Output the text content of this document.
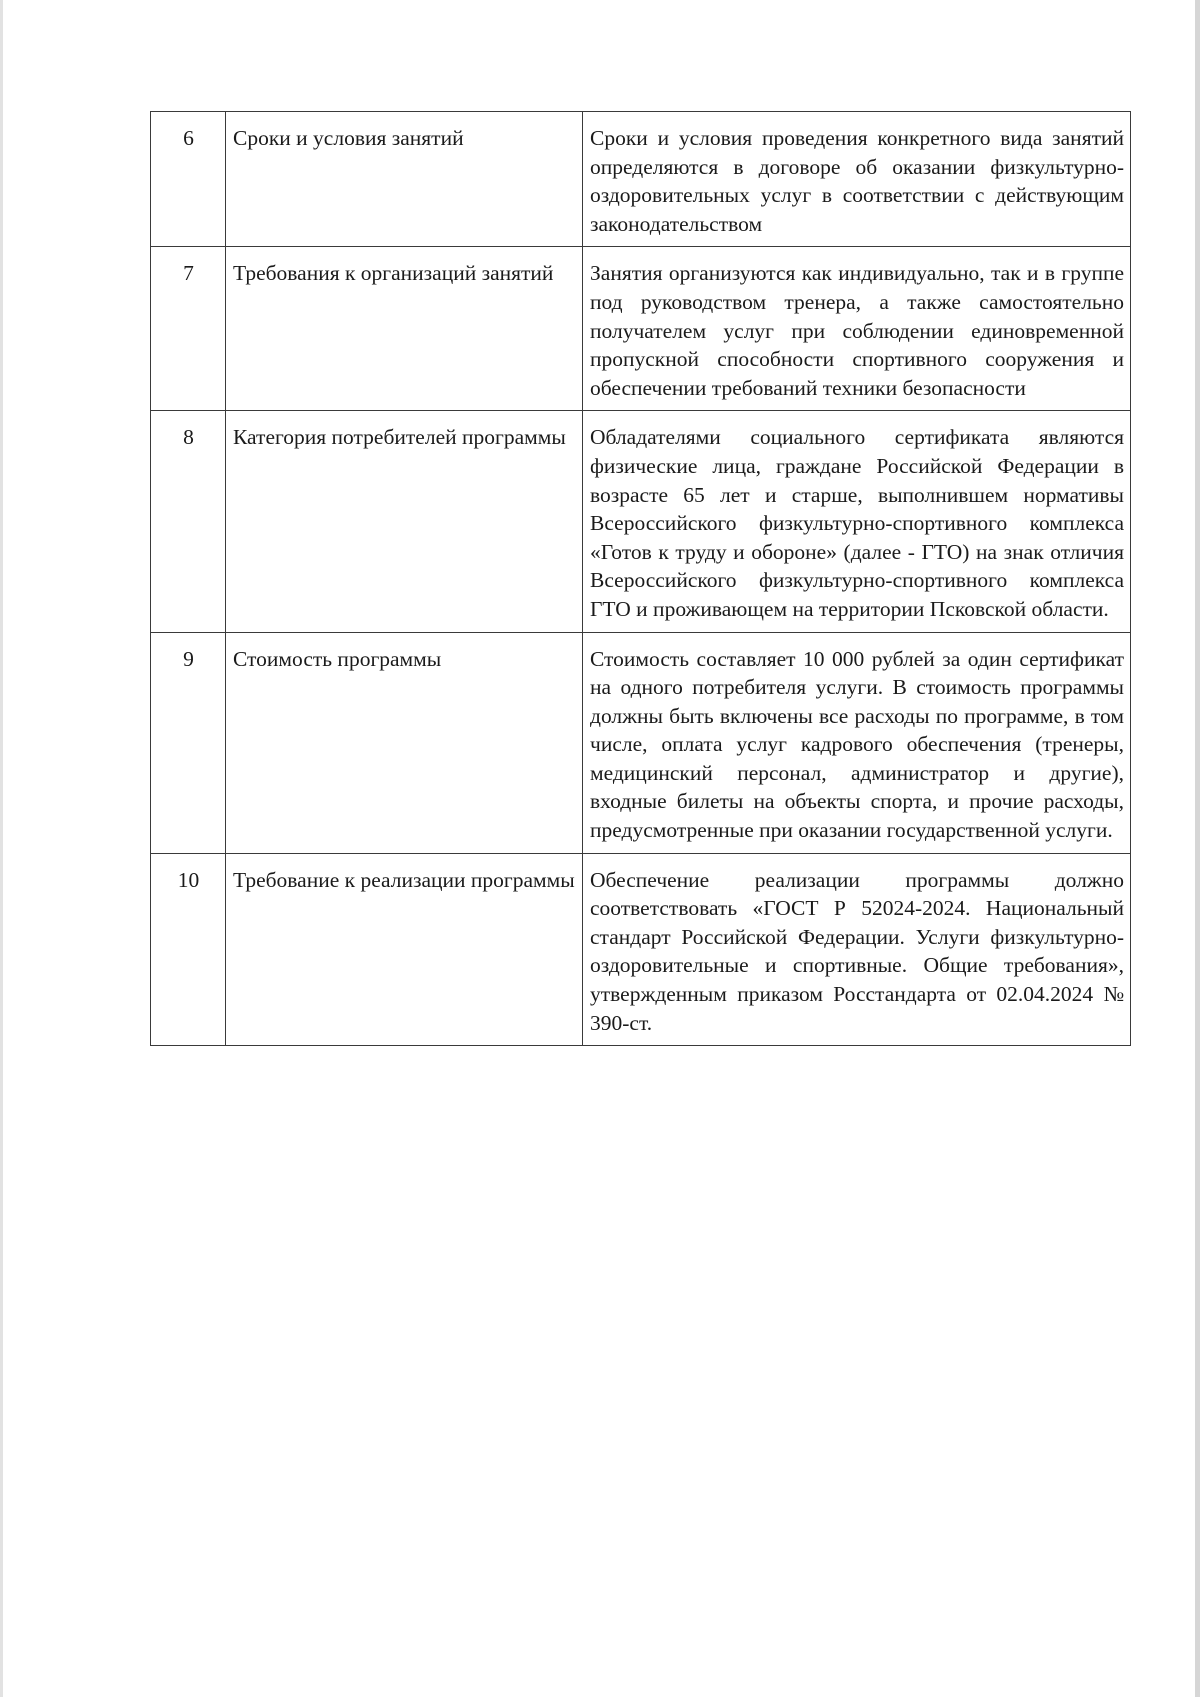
6	Сроки и условия занятий	Сроки и условия проведения конкретного вида занятий определяются в договоре об оказании физкультурно-оздоровительных услуг в соответствии с действующим законодательством
7	Требования к организаций занятий	Занятия организуются как индивидуально, так и в группе под руководством тренера, а также самостоятельно получателем услуг при соблюдении единовременной пропускной способности спортивного сооружения и обеспечении требований техники безопасности
8	Категория потребителей программы	Обладателями социального сертификата являются физические лица, граждане Российской Федерации в возрасте 65 лет и старше, выполнившем нормативы Всероссийского физкультурно-спортивного комплекса «Готов к труду и обороне» (далее - ГТО) на знак отличия Всероссийского физкультурно-спортивного комплекса ГТО и проживающем на территории Псковской области.
9	Стоимость программы	Стоимость составляет 10 000 рублей за один сертификат на одного потребителя услуги. В стоимость программы должны быть включены все расходы по программе, в том числе, оплата услуг кадрового обеспечения (тренеры, медицинский персонал, администратор и другие), входные билеты на объекты спорта, и прочие расходы, предусмотренные при оказании государственной услуги.
10	Требование к реализации программы	Обеспечение реализации программы должно соответствовать «ГОСТ Р 52024-2024. Национальный стандарт Российской Федерации. Услуги физкультурно-оздоровительные и спортивные. Общие требования», утвержденным приказом Росстандарта от 02.04.2024 № 390-ст.
